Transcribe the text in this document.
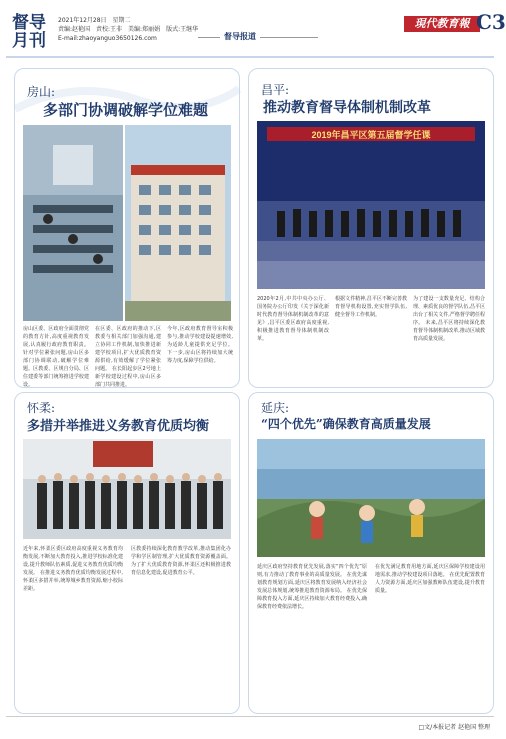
督导
月刊
2021年12月28日　星期二
责编:赵艳国　责校:王非　美编:郑丽娟　版式:王继华
E-mail:zhaoyanguo3650126.com	督导报道
現代教育報 C3
房山:
多部门协调破解学位难题
房山区委、区政府全面贯彻党的教育方针,高度重视教育发展,认真履行政府教育职责。针对学位紧张问题,房山区多部门协调联动,破解学位难题。区教委、区规自分局、区住建委等部门统筹推进学校建设。
在区委、区政府的推动下,区教委与相关部门加强沟通,建立协同工作机制,加快推进新建学校项目,扩大优质教育资源供给,有效缓解了学位紧张问题。 在长阳起步区2号地上新学校建设过程中,房山区多部门共同推进。
今年,区政府教育督导室积极参与,推动学校建设提速增效,为适龄儿童提供充足学位。 下一步,房山区将持续加大统筹力度,保障学位供给。
昌平:
推动教育督导体制机制改革
2019年昌平区第五届督学任课
2020年2月,中共中央办公厅、国务院办公厅印发《关于深化新时代教育督导体制机制改革的意见》,昌平区委区政府高度重视,积极推进教育督导体制机制改革。
根据文件精神,昌平区不断完善教育督导机构设置,充实督学队伍,健全督导工作机制。
为了建设一支数量充足、结构合理、素质优良的督学队伍,昌平区出台了相关文件,严格督学聘任程序。 未来,昌平区将持续深化教育督导体制机制改革,推动区域教育高质量发展。
怀柔:
多措并举推进义务教育优质均衡
近年来,怀柔区委区政府高度重视义务教育均衡发展,不断加大教育投入,推进学校标准化建设,提升教师队伍素质,促进义务教育优质均衡发展。 在推进义务教育优质均衡发展过程中,怀柔区多措并举,统筹城乡教育资源,缩小校际差距。
区教委持续深化教育教学改革,推动集团化办学和学区制管理,扩大优质教育资源覆盖面。 为了扩大优质教育资源,怀柔区还积极推进教育信息化建设,促进教育公平。
延庆:
“四个优先”确保教育高质量发展
延庆区政府坚持教育优先发展,落实“四个优先”原则,有力推动了教育事业的高质量发展。 在优先谋划教育规划方面,延庆区将教育发展纳入经济社会发展总体规划,统筹推进教育资源布局。 在优先保障教育投入方面,延庆区持续加大教育经费投入,确保教育经费依法增长。
在优先满足教育用地方面,延庆区保障学校建设用地需求,推动学校建设项目落地。 在优先配置教育人力资源方面,延庆区加强教师队伍建设,提升教育质量。
□文/本报记者 赵艳国 整理
